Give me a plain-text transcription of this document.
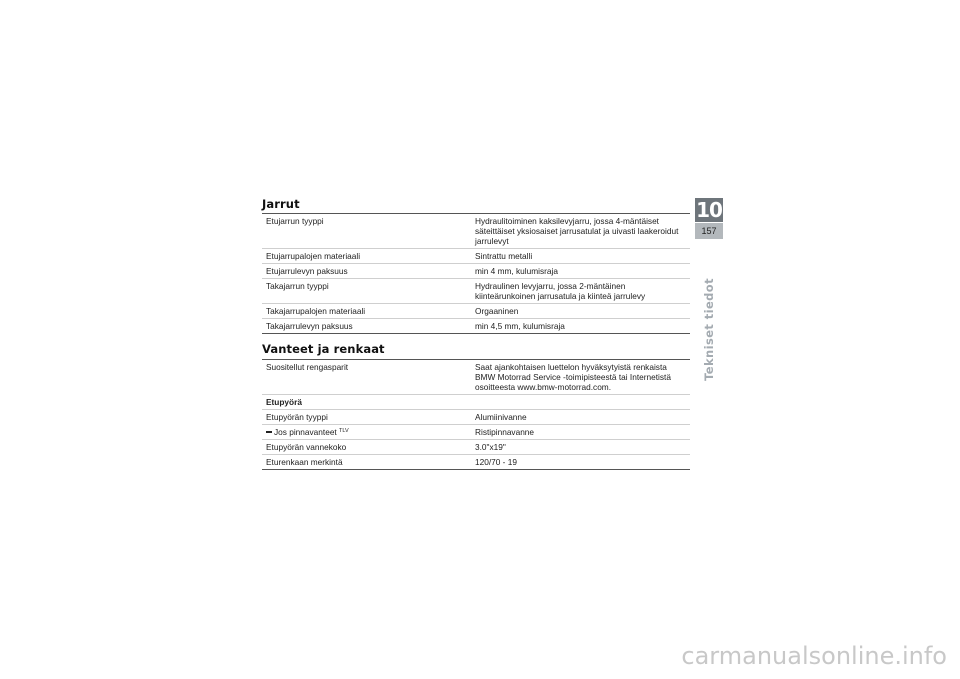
Jarrut
Etujarrun tyyppi	Hydraulitoiminen kaksilevyjarru, jossa 4-mäntäiset säteittäiset yksiosaiset jarrusatulat ja uivasti laakeroidut jarrulevyt
Etujarrupalojen materiaali	Sintrattu metalli
Etujarrulevyn paksuus	min 4 mm, kulumisraja
Takajarrun tyyppi	Hydraulinen levyjarru, jossa 2-mäntäinen kiinteärunkoinen jarrusatula ja kiinteä jarrulevy
Takajarrupalojen materiaali	Orgaaninen
Takajarrulevyn paksuus	min 4,5 mm, kulumisraja
Vanteet ja renkaat
Suositellut rengasparit	Saat ajankohtaisen luettelon hyväksytyistä renkaista BMW Motorrad Service -toimipisteestä tai Internetistä osoitteesta www.bmw-motorrad.com.
Etupyörä
Etupyörän tyyppi	Alumiinivanne
Jos pinnavanteet $^{TLV}$	Ristipinnavanne
Etupyörän vannekoko	3.0"x19"
Eturenkaan merkintä	120/70 - 19
10
157
Tekniset tiedot
carmanualsonline.info
